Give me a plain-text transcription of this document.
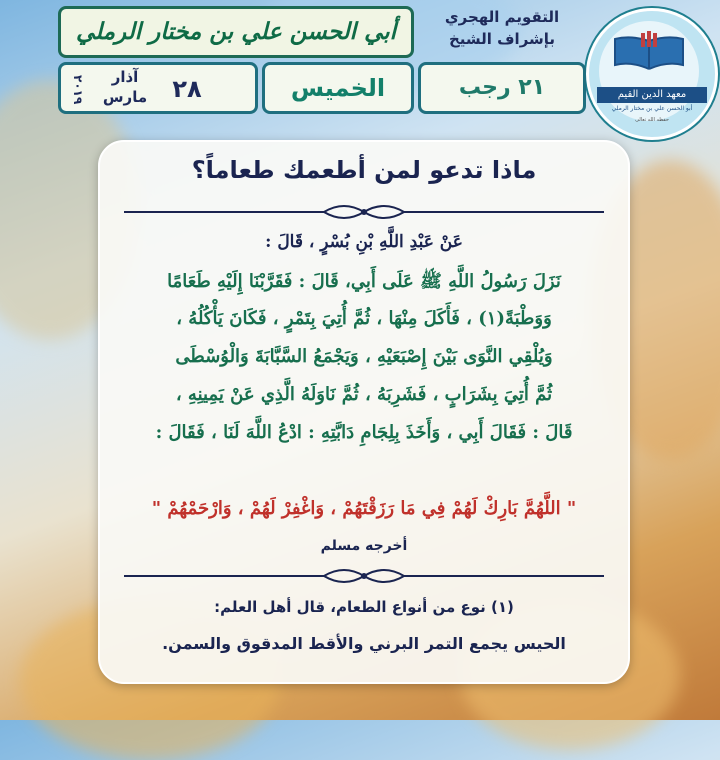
معهد الدين القيم
أبو الحسن علي بن مختار الرملي
حفظه الله تعالى
التقويم الهجري
بإشراف الشيخ
أبي الحسن علي بن مختار الرملي
٢١ رجب
الخميس
٢٨
آذار
مارس
٢٠١٩
ماذا تدعو لمن أطعمك طعاماً؟
عَنْ عَبْدِ اللَّهِ بْنِ بُسْرٍ ، قَالَ :
نَزَلَ رَسُولُ اللَّهِ ﷺ عَلَى أَبِي، قَالَ : فَقَرَّبْنَا إِلَيْهِ طَعَامًا
وَوَطْبَةً(١) ، فَأَكَلَ مِنْهَا ، ثُمَّ أُتِيَ بِتَمْرٍ ، فَكَانَ يَأْكُلُهُ ،
وَيُلْقِي النَّوَى بَيْنَ إِصْبَعَيْهِ ، وَيَجْمَعُ السَّبَّابَةَ وَالْوُسْطَى
ثُمَّ أُتِيَ بِشَرَابٍ ، فَشَرِبَهُ ، ثُمَّ نَاوَلَهُ الَّذِي عَنْ يَمِينِهِ ،
قَالَ : فَقَالَ أَبِي ، وَأَخَذَ بِلِجَامِ دَابَّتِهِ : ادْعُ اللَّهَ لَنَا ، فَقَالَ :
" اللَّهُمَّ بَارِكْ لَهُمْ فِي مَا رَزَقْتَهُمْ ، وَاغْفِرْ لَهُمْ ، وَارْحَمْهُمْ "
أخرجه مسلم
(١) نوع من أنواع الطعام، قال أهل العلم:
الحيس يجمع التمر البرني والأقط المدقوق والسمن.
